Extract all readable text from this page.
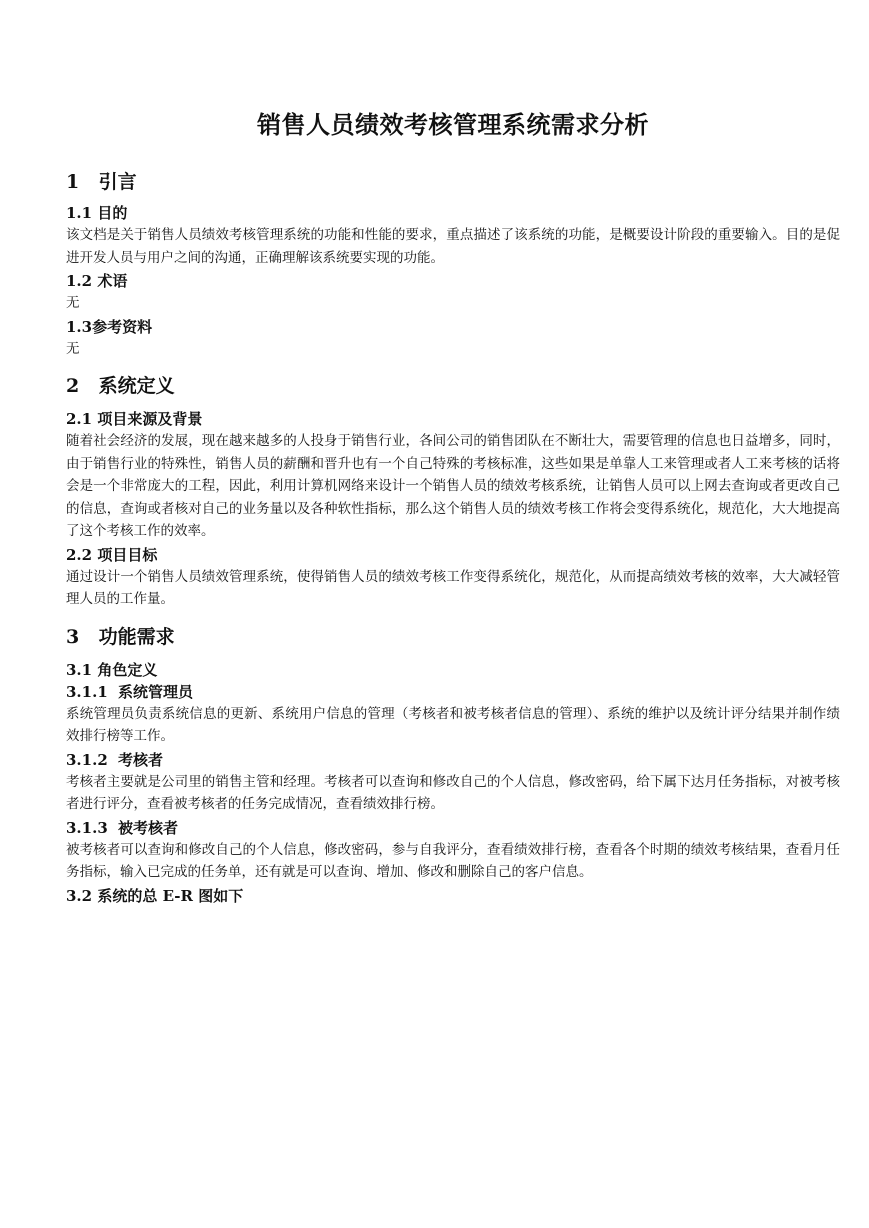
销售人员绩效考核管理系统需求分析
1 引言
1.1 目的

该文档是关于销售人员绩效考核管理系统的功能和性能的要求，重点描述了该系统的功能，是概要设计阶段的重要输入。目的是促进开发人员与用户之间的沟通，正确理解该系统要实现的功能。

1.2 术语

无

1.3参考资料

无

2 系统定义
2.1 项目来源及背景

随着社会经济的发展，现在越来越多的人投身于销售行业，各间公司的销售团队在不断壮大，需要管理的信息也日益增多，同时，由于销售行业的特殊性，销售人员的薪酬和晋升也有一个自己特殊的考核标准，这些如果是单靠人工来管理或者人工来考核的话将会是一个非常庞大的工程，因此，利用计算机网络来设计一个销售人员的绩效考核系统，让销售人员可以上网去查询或者更改自己的信息，查询或者核对自己的业务量以及各种软性指标，那么这个销售人员的绩效考核工作将会变得系统化，规范化，大大地提高了这个考核工作的效率。

2.2 项目目标

通过设计一个销售人员绩效管理系统，使得销售人员的绩效考核工作变得系统化，规范化，从而提高绩效考核的效率，大大减轻管理人员的工作量。

3 功能需求
3.1 角色定义
3.1.1 系统管理员

系统管理员负责系统信息的更新、系统用户信息的管理（考核者和被考核者信息的管理）、系统的维护以及统计评分结果并制作绩效排行榜等工作。

3.1.2 考核者

考核者主要就是公司里的销售主管和经理。考核者可以查询和修改自己的个人信息，修改密码，给下属下达月任务指标，对被考核者进行评分，查看被考核者的任务完成情况，查看绩效排行榜。

3.1.3 被考核者

被考核者可以查询和修改自己的个人信息，修改密码，参与自我评分，查看绩效排行榜，查看各个时期的绩效考核结果，查看月任务指标，输入已完成的任务单，还有就是可以查询、增加、修改和删除自己的客户信息。

3.2 系统的总 E-R 图如下
